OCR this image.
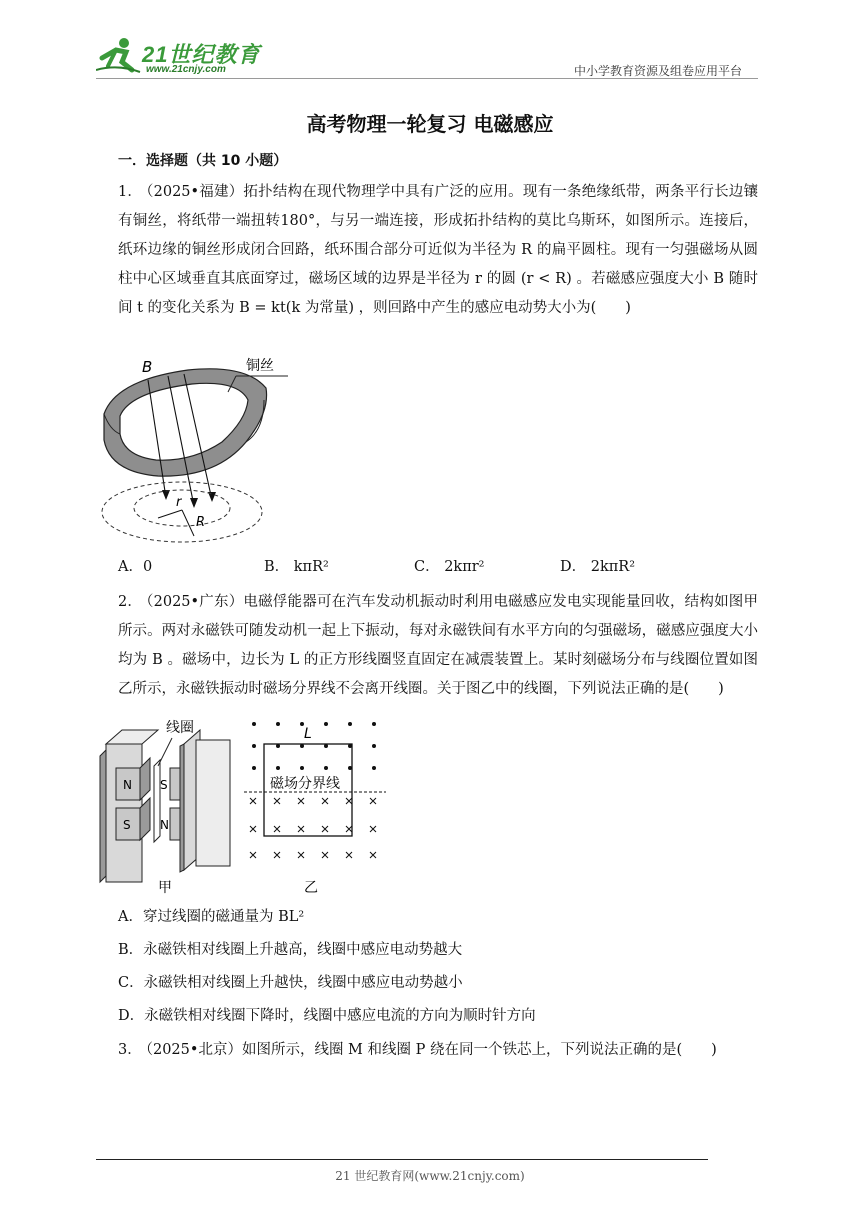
21世纪教育
www.21cnjy.com	中小学教育资源及组卷应用平台
高考物理一轮复习 电磁感应
一．选择题（共 10 小题）
1． （2025•福建）拓扑结构在现代物理学中具有广泛的应用。现有一条绝缘纸带，两条平行长边镶有铜丝，将纸带一端扭转180°，与另一端连接，形成拓扑结构的莫比乌斯环，如图所示。连接后，纸环边缘的铜丝形成闭合回路，纸环围合部分可近似为半径为 R 的扁平圆柱。现有一匀强磁场从圆柱中心区域垂直其底面穿过，磁场区域的边界是半径为 r 的圆 (r < R) 。若磁感应强度大小 B 随时间 t 的变化关系为 B = kt(k 为常量) ，则回路中产生的感应电动势大小为(　　)
铜丝
B
r
R
A．0	B． kπR²	C． 2kπr²	D． 2kπR²
2． （2025•广东）电磁俘能器可在汽车发动机振动时利用电磁感应发电实现能量回收，结构如图甲所示。两对永磁铁可随发动机一起上下振动，每对永磁铁间有水平方向的匀强磁场，磁感应强度大小均为 B 。磁场中，边长为 L 的正方形线圈竖直固定在减震装置上。某时刻磁场分布与线圈位置如图乙所示，永磁铁振动时磁场分界线不会离开线圈。关于图乙中的线圈，下列说法正确的是(　　)
N
S
线圈
S
N
甲
L
磁场分界线
乙
A．穿过线圈的磁通量为 BL²
B．永磁铁相对线圈上升越高，线圈中感应电动势越大
C．永磁铁相对线圈上升越快，线圈中感应电动势越小
D．永磁铁相对线圈下降时，线圈中感应电流的方向为顺时针方向
3． （2025•北京）如图所示，线圈 M 和线圈 P 绕在同一个铁芯上，下列说法正确的是(　　)
21 世纪教育网(www.21cnjy.com)
